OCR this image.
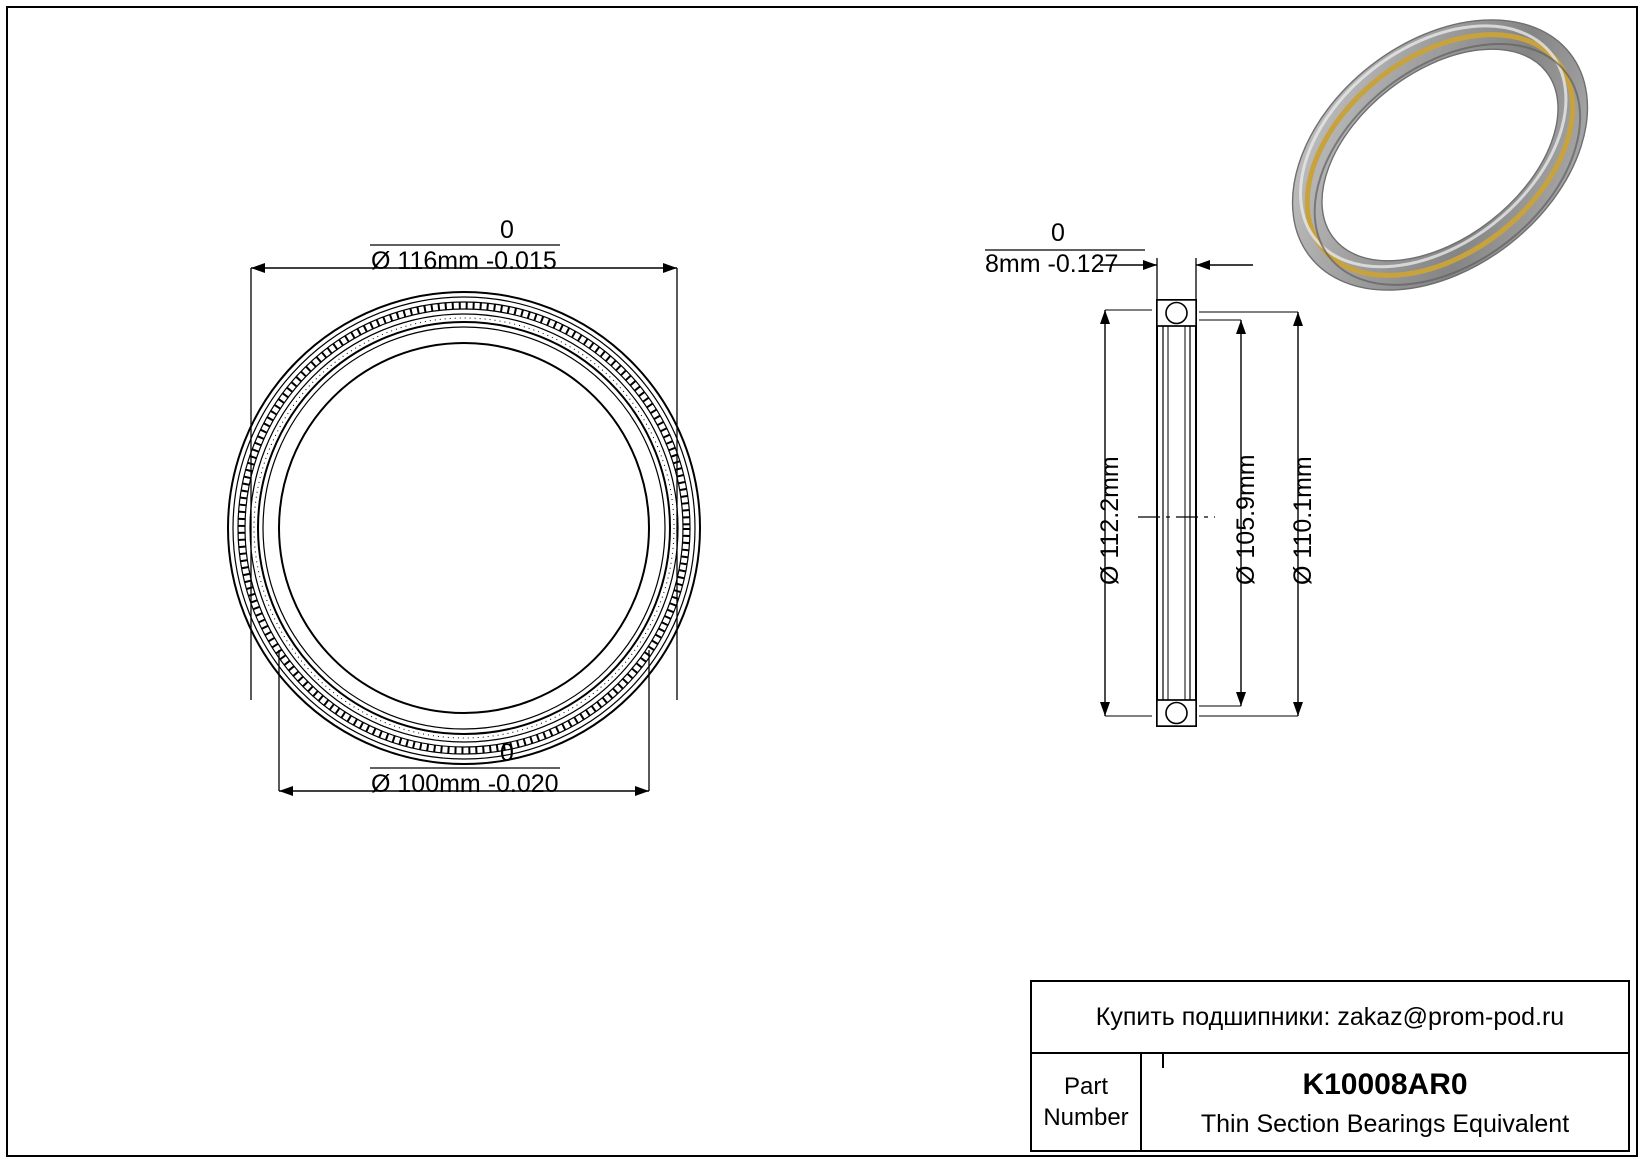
0
Ø 116mm -0.015
0
Ø 100mm -0.020
0
8mm -0.127
Ø 112.2mm	Ø 105.9mm Ø 110.1mm
Купить подшипники: zakaz@prom-pod.ru
Part
Number
K10008AR0
Thin Section Bearings Equivalent
